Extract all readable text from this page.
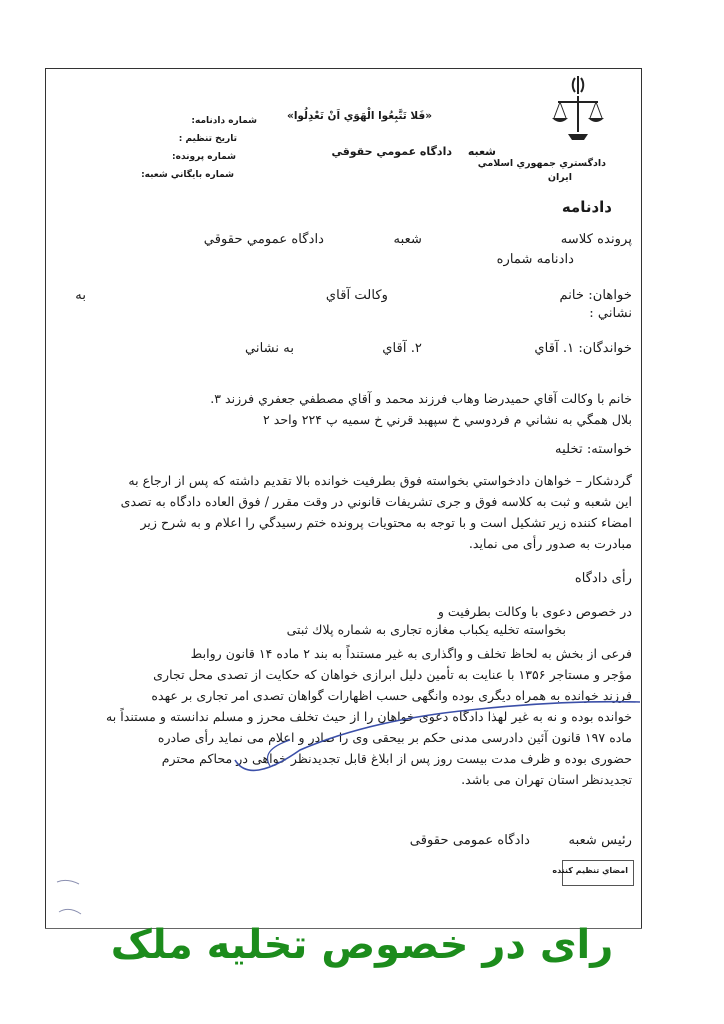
«فَلا تَتَّبِعُوا الْهَوَي اَنْ تَعْدِلُوا»
شعبه
دادگاه عمومي حقوقي
دادگستري جمهوري اسلامي
ايران
دادنامه
شماره دادنامه:
تاريخ تنظيم :
شماره پرونده:
شماره بايگاني شعبه:
پرونده كلاسه
شعبه
دادگاه عمومي حقوقي
دادنامه شماره
خواهان: خانم
وكالت آقاي
به
نشاني :
خواندگان: ۱. آقاي
۲. آقاي
به نشاني
خانم با وكالت آقاي حميدرضا وهاب فرزند محمد و آقاي مصطفي جعفري فرزند ۳.
بلال همگي به نشاني م فردوسي خ سپهبد قرني خ سميه پ ۲۲۴ واحد ۲
خواسته: تخليه
گردشكار – خواهان دادخواستي بخواسته فوق بطرفيت خوانده بالا تقديم داشته كه پس از ارجاع به
اين شعبه و ثبت به كلاسه فوق و جرى تشريفات قانوني در وقت مقرر / فوق العاده دادگاه به تصدى
امضاء كننده زير تشكيل است و با توجه به محتويات پرونده ختم رسيدگي را اعلام و به شرح زير
مبادرت به صدور رأى مى نمايد.
رأى دادگاه
در خصوص دعوى با وكالت بطرفيت و
بخواسته تخليه يكباب مغازه تجارى به شماره پلاك ثبتى
فرعى از بخش به لحاظ تخلف و واگذارى به غير مستنداً به بند ۲ ماده ۱۴ قانون روابط
مؤجر و مستاجر ۱۳۵۶ با عنايت به تأمين دليل ابرازى خواهان كه حكايت از تصدى محل تجارى
فرزند خوانده به همراه ديگرى بوده وانگهى حسب اظهارات گواهان تصدى امر تجارى بر عهده
خوانده بوده و نه به غير لهذا دادگاه دعوى خواهان را از حيث تخلف محرز و مسلم ندانسته و مستنداً به
ماده ۱۹۷ قانون آئين دادرسى مدنى حكم بر بيحقى وى را صادر و اعلام مى نمايد رأى صادره
حضورى بوده و ظرف مدت بيست روز پس از ابلاغ قابل تجديدنظر خواهى در محاكم محترم
تجديدنظر استان تهران مى باشد.
رئيس شعبه
دادگاه عمومى حقوقى
امضاي تنظيم كننده
رای در خصوص تخلیه ملک
